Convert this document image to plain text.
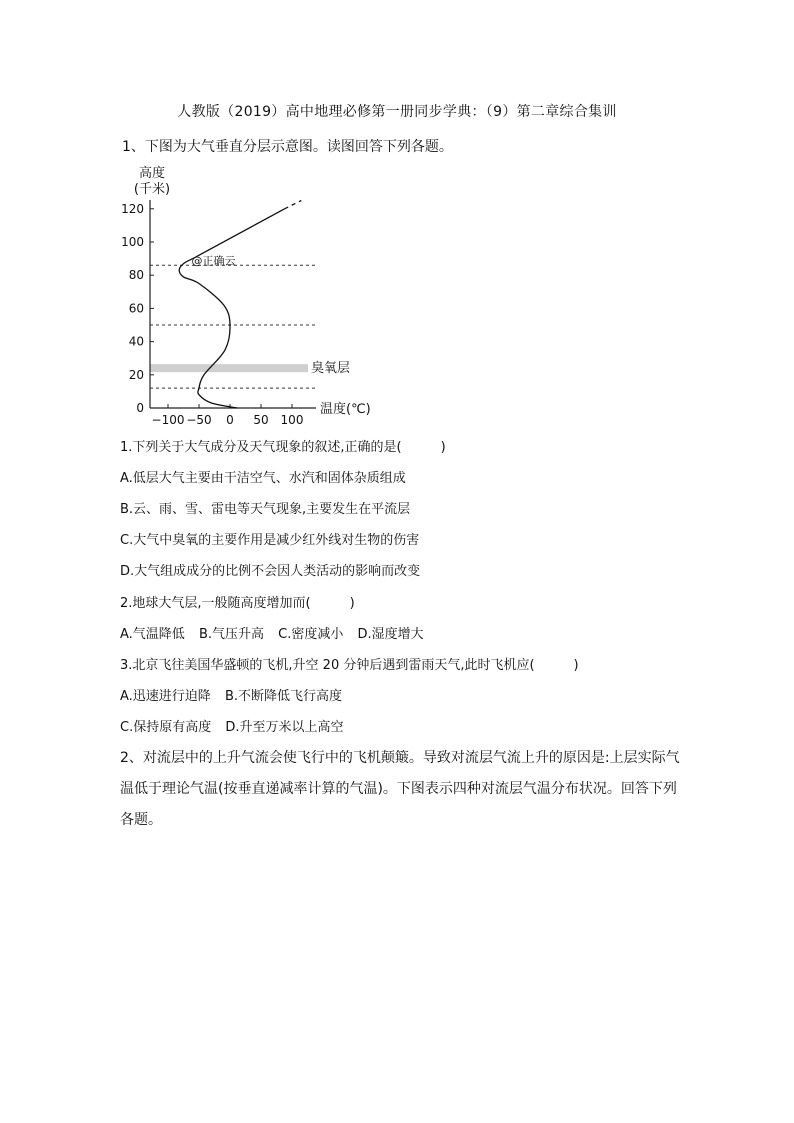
人教版（2019）高中地理必修第一册同步学典：（9）第二章综合集训
1、下图为大气垂直分层示意图。读图回答下列各题。
高度
(千米)
0
20
40
60
80
100
120
−100 −50 0 50 100
臭氧层
@正确云
温度(℃)
1.下列关于大气成分及天气现象的叙述,正确的是(　　　)
A.低层大气主要由干洁空气、水汽和固体杂质组成
B.云、雨、雪、雷电等天气现象,主要发生在平流层
C.大气中臭氧的主要作用是减少红外线对生物的伤害
D.大气组成成分的比例不会因人类活动的影响而改变
2.地球大气层,一般随高度增加而(　　　)
A.气温降低 B.气压升高 C.密度减小 D.湿度增大
3.北京飞往美国华盛顿的飞机,升空 20 分钟后遇到雷雨天气,此时飞机应(　　　)
A.迅速进行迫降 B.不断降低飞行高度
C.保持原有高度 D.升至万米以上高空
2、对流层中的上升气流会使飞行中的飞机颠簸。导致对流层气流上升的原因是:上层实际气温低于理论气温(按垂直递减率计算的气温)。下图表示四种对流层气温分布状况。回答下列各题。
